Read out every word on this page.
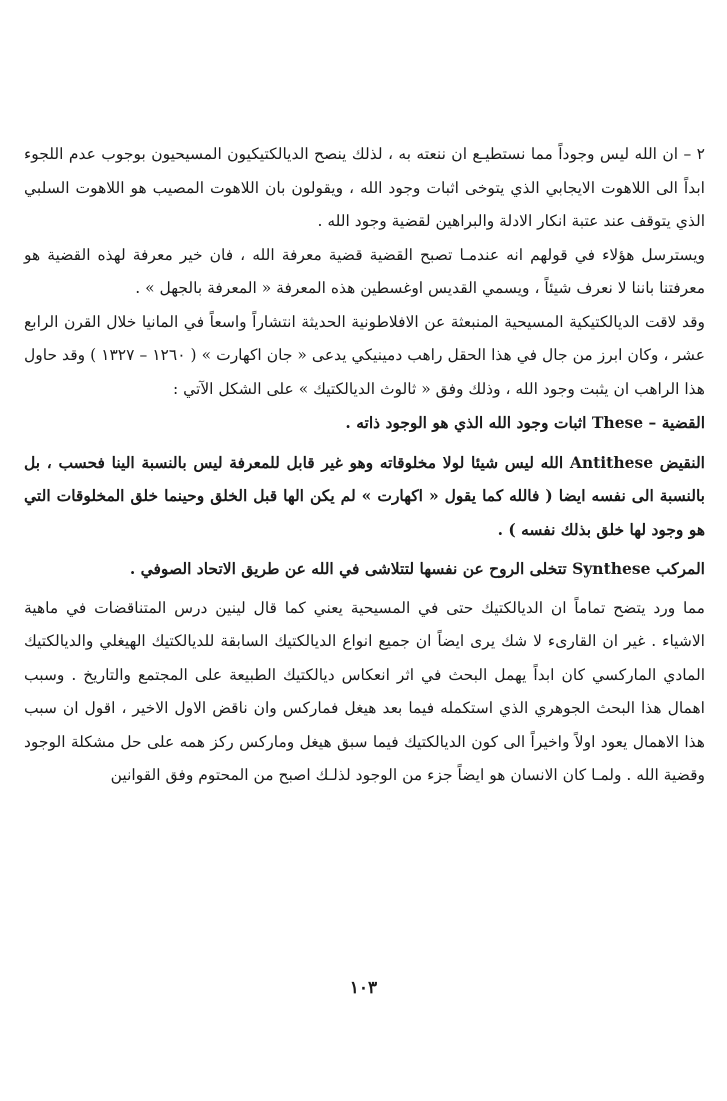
٢ – ان الله ليس وجوداً مما نستطيـع ان ننعته به ، لذلك ينصح الديالكتيكيون المسيحيون بوجوب عدم اللجوء ابداً الى اللاهوت الايجابي الذي يتوخى اثبات وجود الله ، ويقولون بان اللاهوت المصيب هو اللاهوت السلبي الذي يتوقف عند عتبة انكار الادلة والبراهين لقضية وجود الله .

ويسترسل هؤلاء في قولهم انه عندمـا تصبح القضية قضية معرفة الله ، فان خير معرفة لهذه القضية هو معرفتنا باننا لا نعرف شيئاً ، ويسمي القديس اوغسطين هذه المعرفة « المعرفة بالجهل » .

وقد لاقت الديالكتيكية المسيحية المنبعثة عن الافلاطونية الحديثة انتشاراً واسعاً في المانيا خلال القرن الرابع عشر ، وكان ابرز من جال في هذا الحقل راهب دمينيكي يدعى « جان اكهارت » ( ١٢٦٠ – ١٣٢٧ ) وقد حاول هذا الراهب ان يثبت وجود الله ، وذلك وفق « ثالوث الديالكتيك » على الشكل الآتي :

القضية – These اثبات وجود الله الذي هو الوجود ذاته .

النقيض Antithese الله ليس شيئا لولا مخلوقاته وهو غير قابل للمعرفة ليس بالنسبة الينا فحسب ، بل بالنسبة الى نفسه ايضا ( فالله كما يقول « اكهارت » لم يكن الها قبل الخلق وحينما خلق المخلوقات التي هو وجود لها خلق بذلك نفسه ) .

المركب Synthese تتخلى الروح عن نفسها لتتلاشى في الله عن طريق الاتحاد الصوفي .

مما ورد يتضح تماماً ان الديالكتيك حتى في المسيحية يعني كما قال لينين درس المتناقضات في ماهية الاشياء . غير ان القارىء لا شك يرى ايضاً ان جميع انواع الديالكتيك السابقة للديالكتيك الهيغلي والديالكتيك المادي الماركسي كان ابداً يهمل البحث في اثر انعكاس ديالكتيك الطبيعة على المجتمع والتاريخ . وسبب اهمال هذا البحث الجوهري الذي استكمله فيما بعد هيغل فماركس وان ناقض الاول الاخير ، اقول ان سبب هذا الاهمال يعود اولاً واخيراً الى كون الديالكتيك فيما سبق هيغل وماركس ركز همه على حل مشكلة الوجود وقضية الله . ولمـا كان الانسان هو ايضاً جزء من الوجود لذلـك اصبح من المحتوم وفق القوانين

١٠٣
